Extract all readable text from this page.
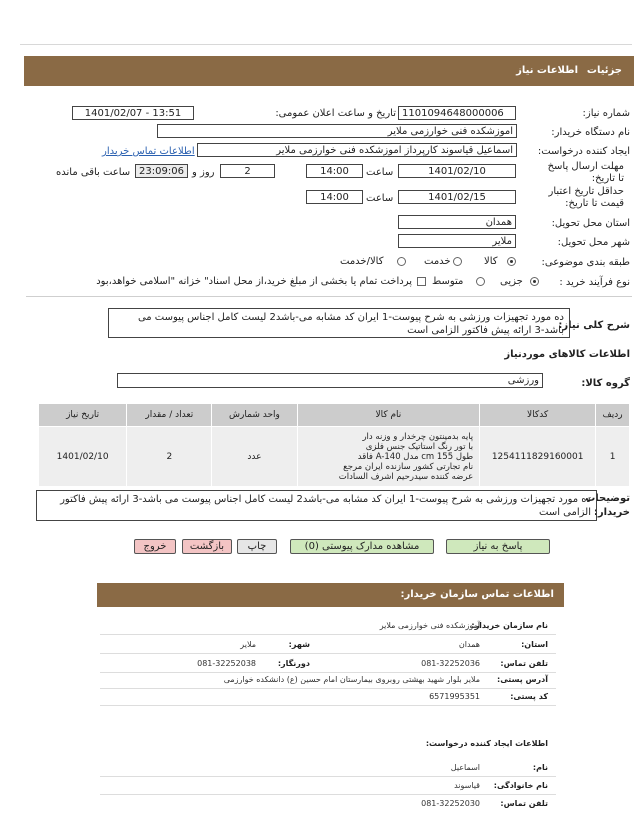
جزئیات
اطلاعات نیاز
شماره نیاز:
1101094648000006
تاریخ و ساعت اعلان عمومی:
1401/02/07 - 13:51
نام دستگاه خریدار:
اموزشکده فنی خوارزمی ملایر
ایجاد کننده درخواست:
اسماعیل قیاسوند کارپرداز اموزشکده فنی خوارزمی ملایر
اطلاعات تماس خریدار
مهلت ارسال پاسخ تا تاریخ:
1401/02/10
ساعت
14:00
2
روز و
23:09:06
ساعت باقی مانده
حداقل تاریخ اعتبار قیمت تا تاریخ:
1401/02/15
ساعت
14:00
استان محل تحویل:
همدان
شهر محل تحویل:
ملایر
طبقه بندی موضوعی:
کالا
خدمت
کالا/خدمت
نوع فرآیند خرید :
جزیی
متوسط
پرداخت تمام یا بخشی از مبلغ خرید،از محل اسناد" خزانه "اسلامی خواهد،بود
شرح کلی نیاز:
ده مورد تجهیزات ورزشی به شرح پیوست-1 ایران کد مشابه می-باشد2 لیست کامل اجناس پیوست می
باشد-3 ارائه پیش فاکتور الزامی است
اطلاعات کالاهای موردنیاز
گروه کالا:
ورزشی
تاریخ نیاز	تعداد / مقدار	واحد شمارش	نام کالا	کدکالا	ردیف
1401/02/10	2	عدد	پایه بدمینتون چرخدار و وزنه دار
با تور رنگ استاتیک جنس فلزی
طول 155 cm مدل A-140 فاقد
نام تجارتی کشور سازنده ایران مرجع
عرضه کننده سیدرحیم اشرف السادات	1254111829160001	1
توضیحات
خریدار:
ده مورد تجهیزات ورزشی به شرح پیوست-1 ایران کد مشابه می-باشد2 لیست کامل اجناس پیوست می باشد-3 ارائه پیش فاکتور
الزامی است
پاسخ به نیاز
مشاهده مدارک پیوستی (0)
چاپ
بازگشت
خروج
اطلاعات تماس سازمان خریدار:
نام سازمان خریدار:
آموزشکده فنی خوارزمی ملایر
استان:
همدان
شهر:
ملایر
تلفن تماس:
081-32252036
دورنگار:
081-32252038
آدرس پستی:
ملایر بلوار شهید بهشتی روبروی بیمارستان امام حسین (ع) دانشکده خوارزمی
کد پستی:
6571995351
اطلاعات ایجاد کننده درخواست:
نام:
اسماعیل
نام خانوادگی:
قیاسوند
تلفن تماس:
081-32252030
